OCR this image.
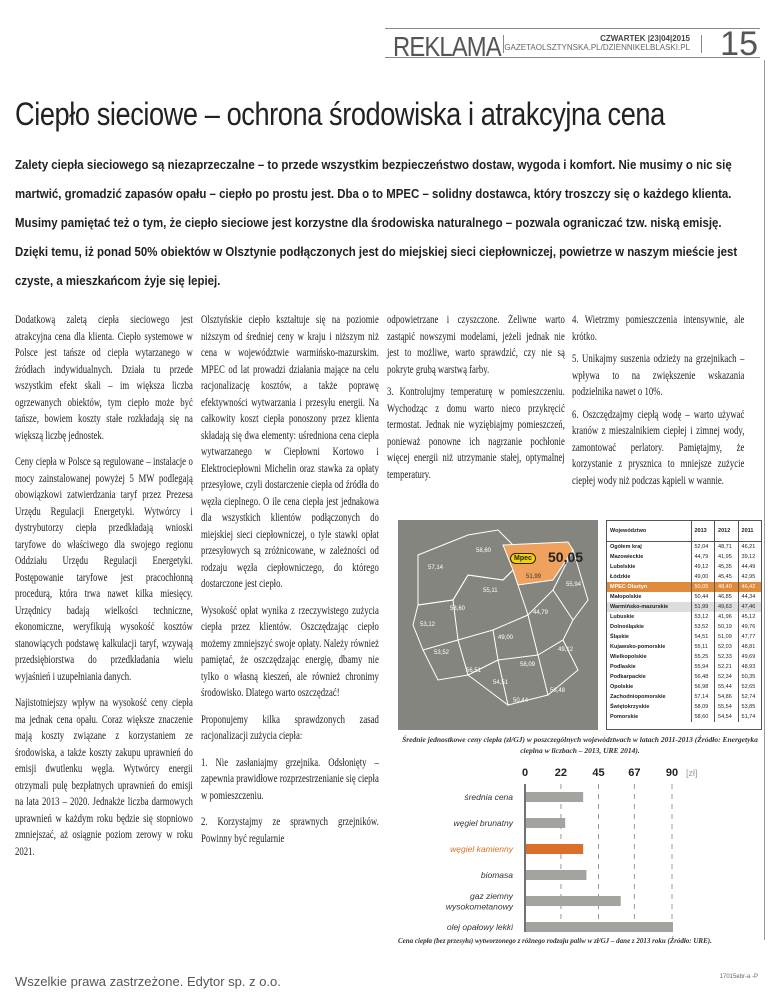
REKLAMA	CZWARTEK |23|04|2015
GAZETAOLSZTYNSKA.PL/DZIENNIKELBLASKI.PL 15
Ciepło sieciowe – ochrona środowiska i atrakcyjna cena

Zalety ciepła sieciowego są niezaprzeczalne – to przede wszystkim bezpieczeństwo dostaw, wygoda i komfort. Nie musimy o nic się martwić, gromadzić zapasów opału – ciepło po prostu jest. Dba o to MPEC – solidny dostawca, który troszczy się o każdego klienta. Musimy pamiętać też o tym, że ciepło sieciowe jest korzystne dla środowiska naturalnego – pozwala ograniczać tzw. niską emisję. Dzięki temu, iż ponad 50% obiektów w Olsztynie podłączonych jest do miejskiej sieci ciepłowniczej, powietrze w naszym mieście jest czyste, a mieszkańcom żyje się lepiej.

Dodatkową zaletą ciepła sieciowego jest atrakcyjna cena dla klienta. Ciepło systemowe w Polsce jest tańsze od ciepła wytarzanego w źródłach indywidualnych. Działa tu przede wszystkim efekt skali – im większa liczba ogrzewanych obiektów, tym ciepło może być tańsze, bowiem koszty stałe rozkładają się na większą liczbę jednostek.

Ceny ciepła w Polsce są regulowane – instalacje o mocy zainstalowanej powyżej 5 MW podlegają obowiązkowi zatwierdzania taryf przez Prezesa Urzędu Regulacji Energetyki. Wytwórcy i dystrybutorzy ciepła przedkładają wnioski taryfowe do właściwego dla swojego regionu Oddziału Urzędu Regulacji Energetyki. Postępowanie taryfowe jest pracochłonną procedurą, która trwa nawet kilka miesięcy. Urzędnicy badają wielkości techniczne, ekonomiczne, weryfikują wysokość kosztów stanowiących podstawę kalkulacji taryf, wzywają przedsiębiorstwa do przedkładania wielu wyjaśnień i uzupełniania danych.

Najistotniejszy wpływ na wysokość ceny ciepła ma jednak cena opału. Coraz większe znaczenie mają koszty związane z korzystaniem ze środowiska, a także koszty zakupu uprawnień do emisji dwutlenku węgla. Wytwórcy energii otrzymali pulę bezpłatnych uprawnień do emisji na lata 2013 – 2020. Jednakże liczba darmowych uprawnień w każdym roku będzie się stopniowo zmniejszać, aż osiągnie poziom zerowy w roku 2021.

Olsztyńskie ciepło kształtuje się na poziomie niższym od średniej ceny w kraju i niższym niż cena w województwie warmińsko-mazurskim. MPEC od lat prowadzi działania mające na celu racjonalizację kosztów, a także poprawę efektywności wytwarzania i przesyłu energii. Na całkowity koszt ciepła ponoszony przez klienta składają się dwa elementy: uśredniona cena ciepła wytwarzanego w Ciepłowni Kortowo i Elektrociepłowni Michelin oraz stawka za opłaty przesyłowe, czyli dostarczenie ciepła od źródła do węzła cieplnego. O ile cena ciepła jest jednakowa dla wszystkich klientów podłączonych do miejskiej sieci ciepłowniczej, o tyle stawki opłat przesyłowych są zróżnicowane, w zależności od rodzaju węzła ciepłowniczego, do którego dostarczone jest ciepło.

Wysokość opłat wynika z rzeczywistego zużycia ciepła przez klientów. Oszczędzając ciepło możemy zmniejszyć swoje opłaty. Należy również pamiętać, że oszczędzając energię, dbamy nie tylko o własną kieszeń, ale również chronimy środowisko. Dlatego warto oszczędzać!

Proponujemy kilka sprawdzonych zasad racjonalizacji zużycia ciepła:

1. Nie zasłaniajmy grzejnika. Odsłonięty – zapewnia prawidłowe rozprzestrzenianie się ciepła w pomieszczeniu.

2. Korzystajmy ze sprawnych grzejników. Powinny być regularnie

odpowietrzane i czyszczone. Żeliwne warto zastąpić nowszymi modelami, jeżeli jednak nie jest to możliwe, warto sprawdzić, czy nie są pokryte grubą warstwą farby.

3. Kontrolujmy temperaturę w pomieszczeniu. Wychodząc z domu warto nieco przykręcić termostat. Jednak nie wyziębiajmy pomieszczeń, ponieważ ponowne ich nagrzanie pochłonie więcej energii niż utrzymanie stałej, optymalnej temperatury.

4. Wietrzmy pomieszczenia intensywnie, ale krótko.

5. Unikajmy suszenia odzieży na grzejnikach – wpływa to na zwiększenie wskazania podzielnika nawet o 10%.

6. Oszczędzajmy ciepłą wodę – warto używać kranów z mieszalnikiem ciepłej i zimnej wody, zamontować perlatory. Pamiętajmy, że korzystanie z prysznica to mniejsze zużycie ciepłej wody niż podczas kąpieli w wannie.

58,60
57,14
51,99
55,11
55,94
58,60
44,79
53,12
49,00
53,52	49,12
56,51
54,51
58,09
50,44
56,48
Mpec 50,05
Województwo	2013	2012	2011
Ogółem kraj	52,04	48,71	46,21
Mazowieckie	44,79	41,95	39,12
Lubelskie	49,12	45,35	44,49
Łódzkie	49,00	45,45	42,95
MPEC Olsztyn	50,05	48,40	46,42
Małopolskie	50,44	46,85	44,34
Warmińsko-mazurskie	51,99	49,63	47,46
Lubuskie	53,12	41,96	45,12
Dolnośląskie	53,52	50,19	49,76
Śląskie	54,51	51,09	47,77
Kujawsko-pomorskie	55,11	52,03	48,81
Wielkopolskie	55,25	52,33	49,69
Podlaskie	55,94	52,21	48,93
Podkarpackie	56,48	52,34	50,35
Opolskie	56,98	55,44	52,65
Zachodniopomorskie	57,14	54,86	52,74
Świętokrzyskie	58,09	55,54	53,85
Pomorskie	58,60	54,54	51,74
Średnie jednostkowe ceny ciepła (zł/GJ) w poszczególnych województwach w latach 2011-2013 (Źródło: Energetyka cieplna w liczbach – 2013, URE 2014).
0 22 45 67 90 [zł]
średnia cena
węgiel brunatny
węgiel kamienny
biomasa
gaz ziemny
wysokometanowy
olej opałowy lekki
Cena ciepła (bez przesyłu) wytworzonego z różnego rodzaju paliw w zł/GJ – dane z 2013 roku (Źródło: URE).
Wszelkie prawa zastrzeżone. Edytor sp. z o.o.	17015ebr-a -P
